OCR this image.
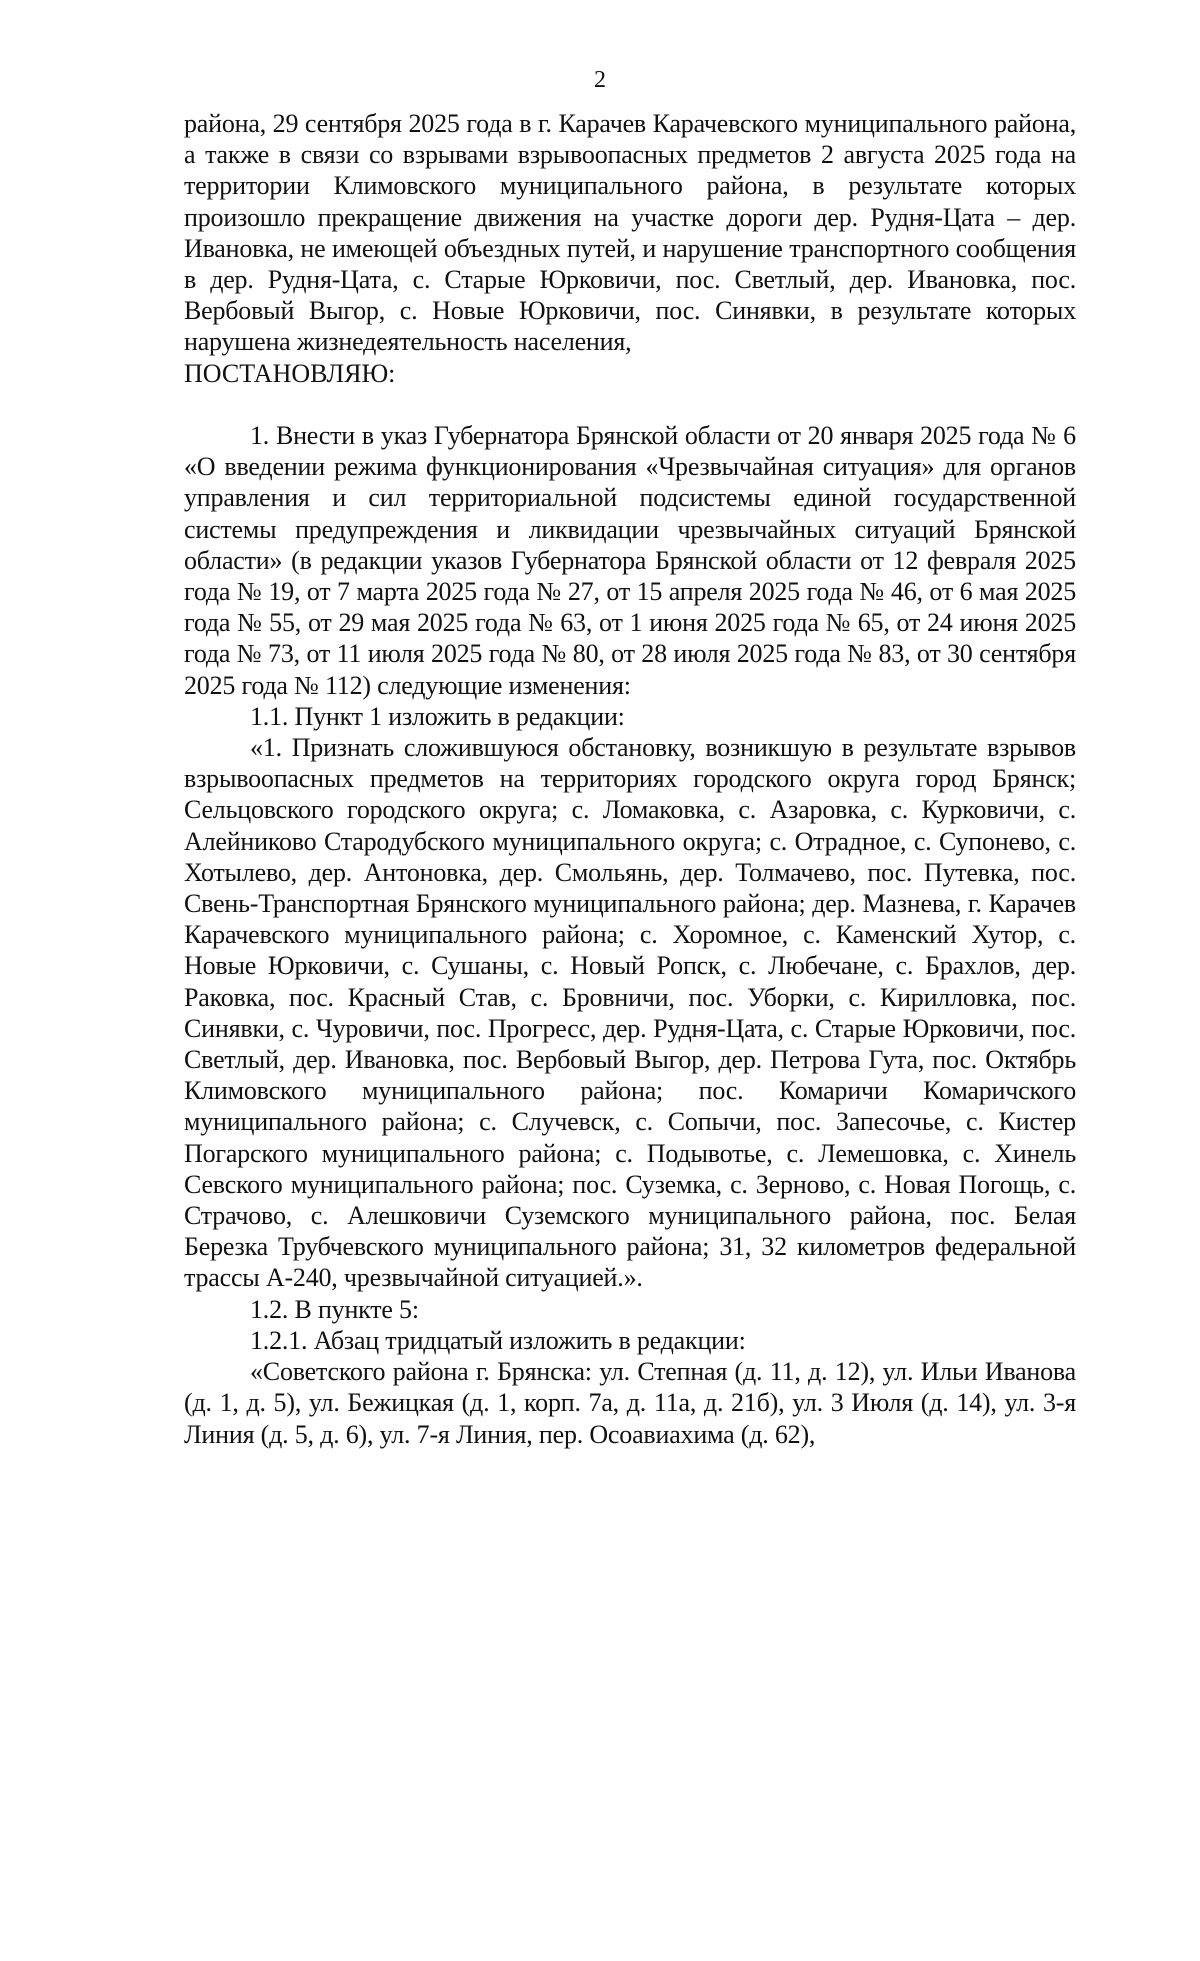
2

района, 29 сентября 2025 года в г. Карачев Карачевского муниципального района, а также в связи со взрывами взрывоопасных предметов 2 августа 2025 года на территории Климовского муниципального района, в результате которых произошло прекращение движения на участке дороги дер. Рудня-Цата – дер. Ивановка, не имеющей объездных путей, и нарушение транспортного сообщения в дер. Рудня-Цата, с. Старые Юрковичи, пос. Светлый, дер. Ивановка, пос. Вербовый Выгор, с. Новые Юрковичи, пос. Синявки, в результате которых нарушена жизнедеятельность населения,

ПОСТАНОВЛЯЮ:

1. Внести в указ Губернатора Брянской области от 20 января 2025 года № 6 «О введении режима функционирования «Чрезвычайная ситуация» для органов управления и сил территориальной подсистемы единой государственной системы предупреждения и ликвидации чрезвычайных ситуаций Брянской области» (в редакции указов Губернатора Брянской области от 12 февраля 2025 года № 19, от 7 марта 2025 года № 27, от 15 апреля 2025 года № 46, от 6 мая 2025 года № 55, от 29 мая 2025 года № 63, от 1 июня 2025 года № 65, от 24 июня 2025 года № 73, от 11 июля 2025 года № 80, от 28 июля 2025 года № 83, от 30 сентября 2025 года № 112) следующие изменения:

1.1. Пункт 1 изложить в редакции:

«1. Признать сложившуюся обстановку, возникшую в результате взрывов взрывоопасных предметов на территориях городского округа город Брянск; Сельцовского городского округа; с. Ломаковка, с. Азаровка, с. Курковичи, с. Алейниково Стародубского муниципального округа; с. Отрадное, с. Супонево, с. Хотылево, дер. Антоновка, дер. Смольянь, дер. Толмачево, пос. Путевка, пос. Свень-Транспортная Брянского муниципального района; дер. Мазнева, г. Карачев Карачевского муниципального района; с. Хоромное, с. Каменский Хутор, с. Новые Юрковичи, с. Сушаны, с. Новый Ропск, с. Любечане, с. Брахлов, дер. Раковка, пос. Красный Став, с. Бровничи, пос. Уборки, с. Кирилловка, пос. Синявки, с. Чуровичи, пос. Прогресс, дер. Рудня-Цата, с. Старые Юрковичи, пос. Светлый, дер. Ивановка, пос. Вербовый Выгор, дер. Петрова Гута, пос. Октябрь Климовского муниципального района; пос. Комаричи Комаричского муниципального района; с. Случевск, с. Сопычи, пос. Запесочье, с. Кистер Погарского муниципального района; с. Подывотье, с. Лемешовка, с. Хинель Севского муниципального района; пос. Суземка, с. Зерново, с. Новая Погощь, с. Страчово, с. Алешковичи Суземского муниципального района, пос. Белая Березка Трубчевского муниципального района; 31, 32 километров федеральной трассы А-240, чрезвычайной ситуацией.».

1.2. В пункте 5:

1.2.1. Абзац тридцатый изложить в редакции:

«Советского района г. Брянска: ул. Степная (д. 11, д. 12), ул. Ильи Иванова (д. 1, д. 5), ул. Бежицкая (д. 1, корп. 7а, д. 11а, д. 21б), ул. 3 Июля (д. 14), ул. 3-я Линия (д. 5, д. 6), ул. 7-я Линия, пер. Осоавиахима (д. 62),
